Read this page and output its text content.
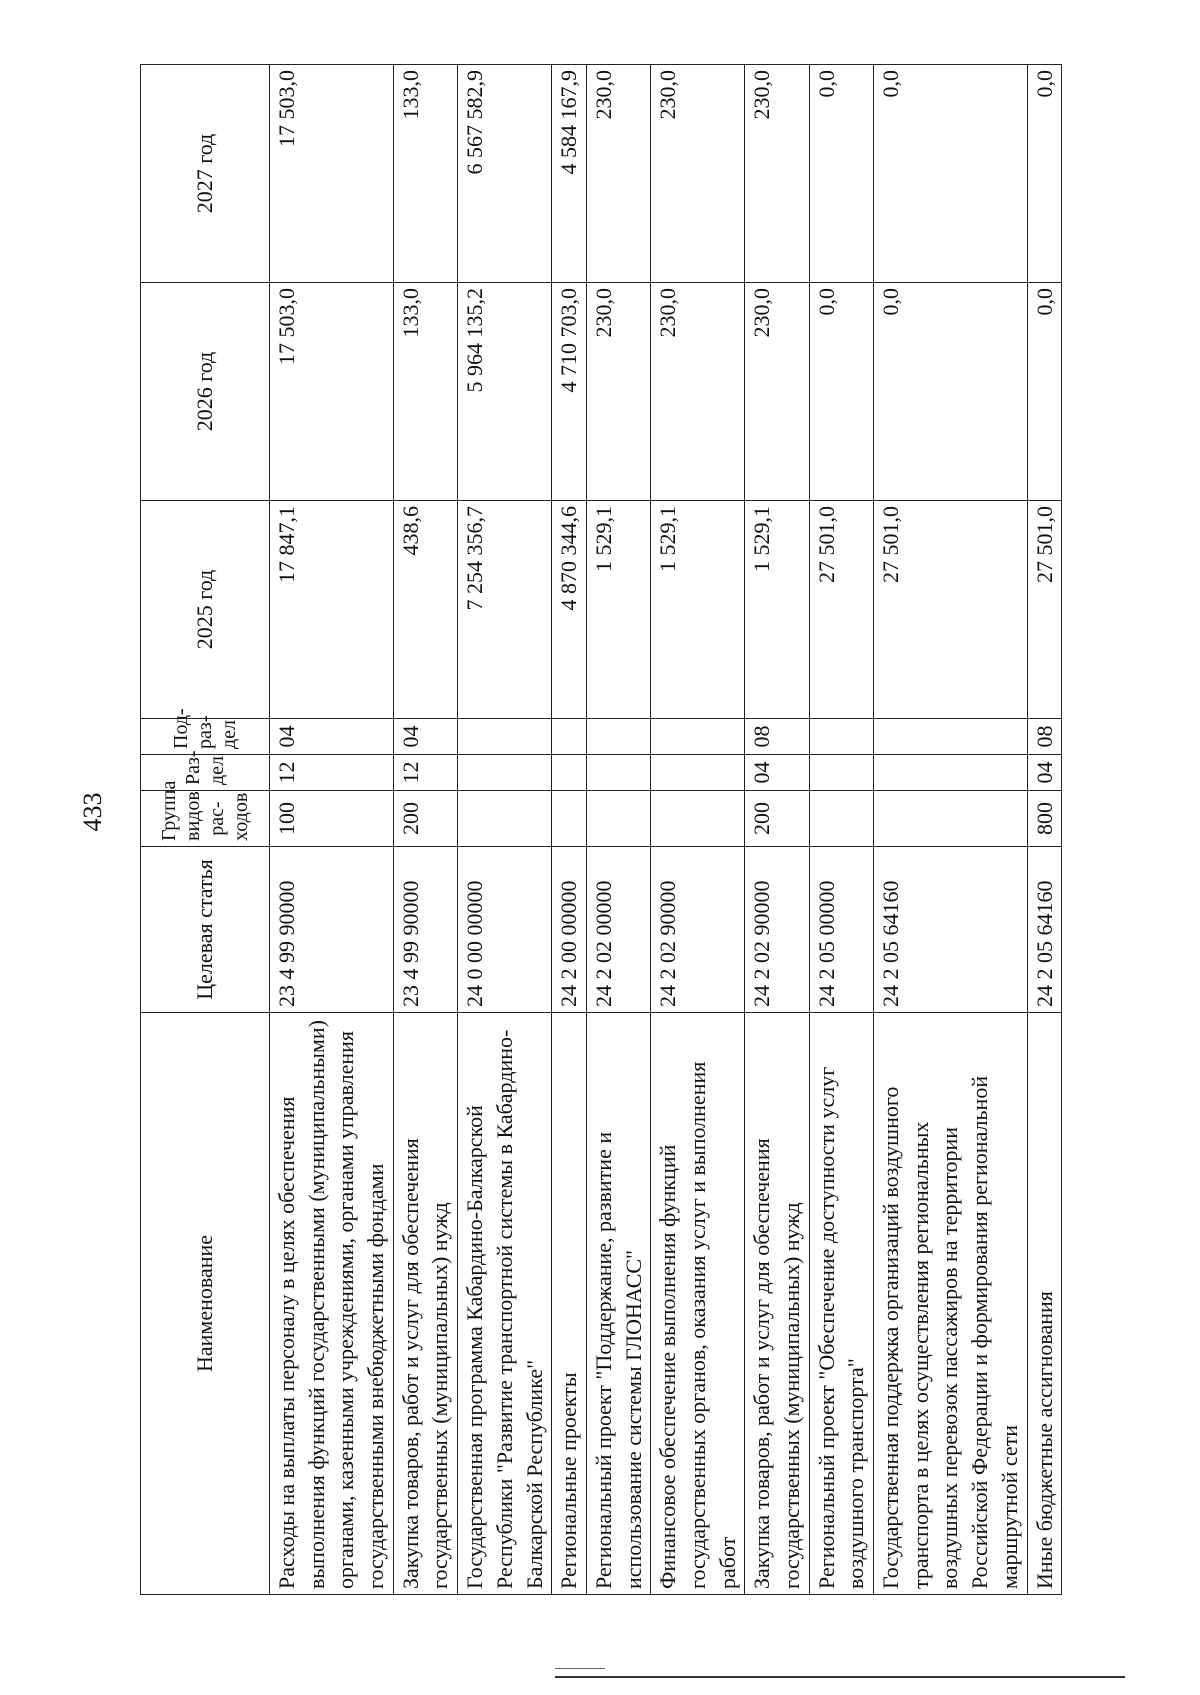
433
Наименование	Целевая статья	Группа видов рас-ходов	Раз-дел	Под-раз-дел	2025 год	2026 год	2027 год
Расходы на выплаты персоналу в целях обеспечения выполнения функций государственными (муниципальными) органами, казенными учреждениями, органами управления государственными внебюджетными фондами	23 4 99 90000	100	12	04	17 847,1	17 503,0	17 503,0
Закупка товаров, работ и услуг для обеспечения государственных (муниципальных) нужд	23 4 99 90000	200	12	04	438,6	133,0	133,0
Государственная программа Кабардино-Балкарской Республики "Развитие транспортной системы в Кабардино-Балкарской Республике"	24 0 00 00000				7 254 356,7	5 964 135,2	6 567 582,9
Региональные проекты	24 2 00 00000				4 870 344,6	4 710 703,0	4 584 167,9
Региональный проект "Поддержание, развитие и использование системы ГЛОНАСС"	24 2 02 00000				1 529,1	230,0	230,0
Финансовое обеспечение выполнения функций государственных органов, оказания услуг и выполнения работ	24 2 02 90000				1 529,1	230,0	230,0
Закупка товаров, работ и услуг для обеспечения государственных (муниципальных) нужд	24 2 02 90000	200	04	08	1 529,1	230,0	230,0
Региональный проект "Обеспечение доступности услуг воздушного транспорта"	24 2 05 00000				27 501,0	0,0	0,0
Государственная поддержка организаций воздушного транспорта в целях осуществления региональных воздушных перевозок пассажиров на территории Российской Федерации и формирования региональной маршрутной сети	24 2 05 64160				27 501,0	0,0	0,0
Иные бюджетные ассигнования	24 2 05 64160	800	04	08	27 501,0	0,0	0,0
